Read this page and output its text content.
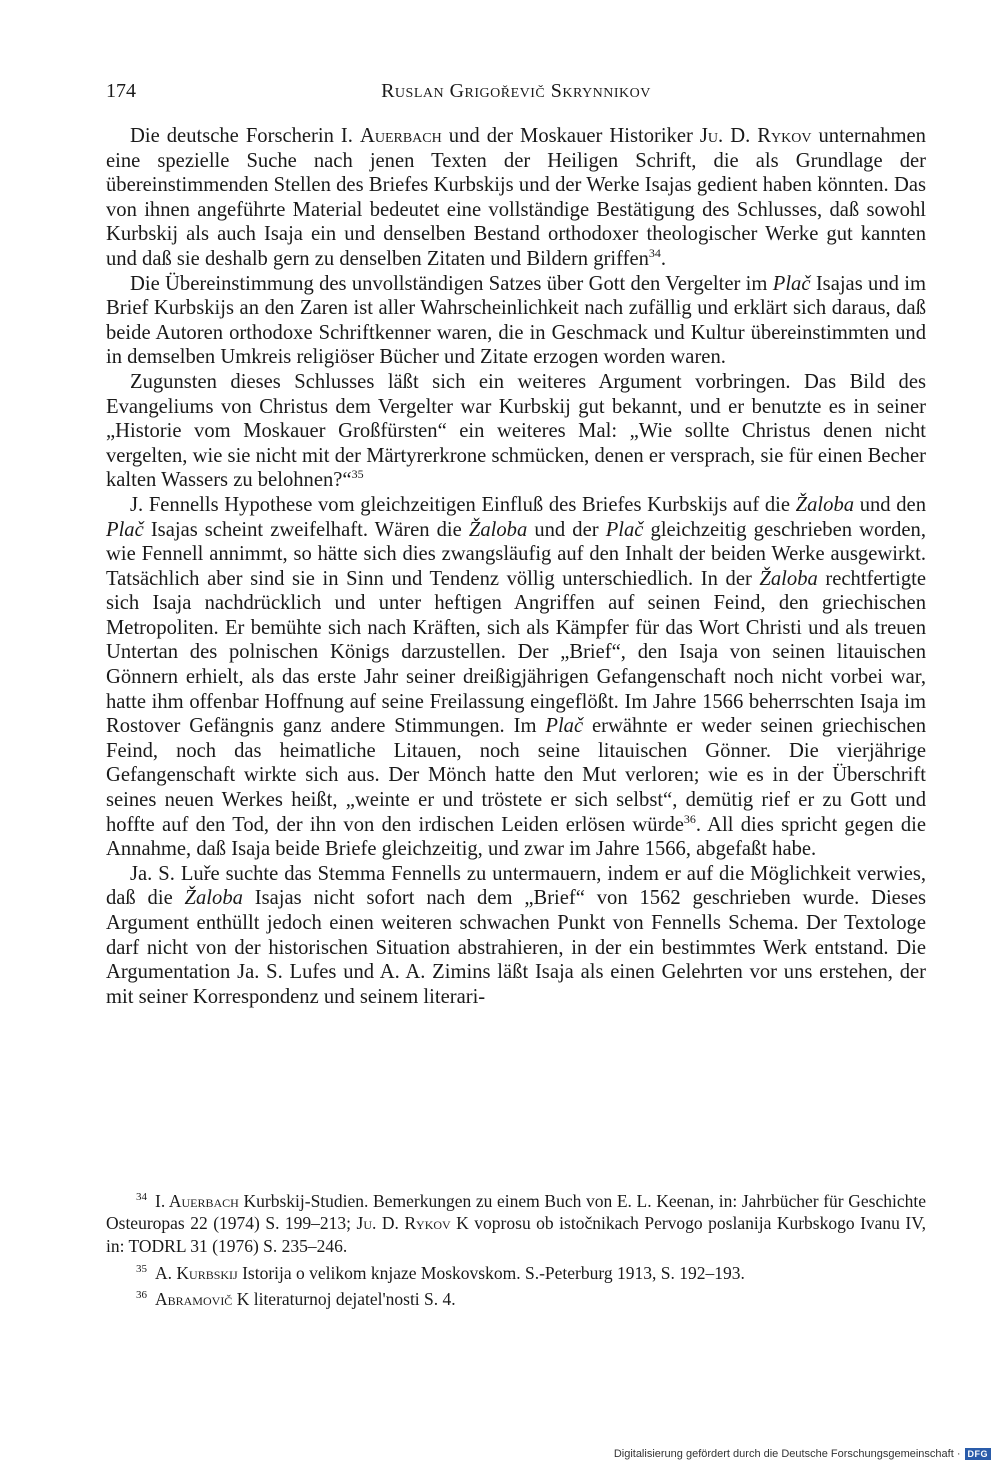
174	Ruslan Grigořevič Skrynnikov

Die deutsche Forscherin I. Auerbach und der Moskauer Historiker Ju. D. Rykov unternahmen eine spezielle Suche nach jenen Texten der Heiligen Schrift, die als Grundlage der übereinstimmenden Stellen des Briefes Kurbskijs und der Werke Isajas gedient haben könnten. Das von ihnen angeführte Material bedeutet eine vollständige Bestätigung des Schlusses, daß sowohl Kurbskij als auch Isaja ein und denselben Bestand orthodoxer theologischer Werke gut kannten und daß sie deshalb gern zu denselben Zitaten und Bildern griffen$^{34}$.

Die Übereinstimmung des unvollständigen Satzes über Gott den Vergelter im Plač Isajas und im Brief Kurbskijs an den Zaren ist aller Wahrscheinlichkeit nach zufällig und erklärt sich daraus, daß beide Autoren orthodoxe Schriftkenner waren, die in Geschmack und Kultur übereinstimmten und in demselben Umkreis religiöser Bücher und Zitate erzogen worden waren.

Zugunsten dieses Schlusses läßt sich ein weiteres Argument vorbringen. Das Bild des Evangeliums von Christus dem Vergelter war Kurbskij gut bekannt, und er benutzte es in seiner „Historie vom Moskauer Großfürsten“ ein weiteres Mal: „Wie sollte Christus denen nicht vergelten, wie sie nicht mit der Märtyrerkrone schmücken, denen er versprach, sie für einen Becher kalten Wassers zu belohnen?“$^{35}$

J. Fennells Hypothese vom gleichzeitigen Einfluß des Briefes Kurbskijs auf die Žaloba und den Plač Isajas scheint zweifelhaft. Wären die Žaloba und der Plač gleichzeitig geschrieben worden, wie Fennell annimmt, so hätte sich dies zwangsläufig auf den Inhalt der beiden Werke ausgewirkt. Tatsächlich aber sind sie in Sinn und Tendenz völlig unterschiedlich. In der Žaloba rechtfertigte sich Isaja nachdrücklich und unter heftigen Angriffen auf seinen Feind, den griechischen Metropoliten. Er bemühte sich nach Kräften, sich als Kämpfer für das Wort Christi und als treuen Untertan des polnischen Königs darzustellen. Der „Brief“, den Isaja von seinen litauischen Gönnern erhielt, als das erste Jahr seiner dreißigjährigen Gefangenschaft noch nicht vorbei war, hatte ihm offenbar Hoffnung auf seine Freilassung eingeflößt. Im Jahre 1566 beherrschten Isaja im Rostover Gefängnis ganz andere Stimmungen. Im Plač erwähnte er weder seinen griechischen Feind, noch das heimatliche Litauen, noch seine litauischen Gönner. Die vierjährige Gefangenschaft wirkte sich aus. Der Mönch hatte den Mut verloren; wie es in der Überschrift seines neuen Werkes heißt, „weinte er und tröstete er sich selbst“, demütig rief er zu Gott und hoffte auf den Tod, der ihn von den irdischen Leiden erlösen würde$^{36}$. All dies spricht gegen die Annahme, daß Isaja beide Briefe gleichzeitig, und zwar im Jahre 1566, abgefaßt habe.

Ja. S. Luře suchte das Stemma Fennells zu untermauern, indem er auf die Möglichkeit verwies, daß die Žaloba Isajas nicht sofort nach dem „Brief“ von 1562 geschrieben wurde. Dieses Argument enthüllt jedoch einen weiteren schwachen Punkt von Fennells Schema. Der Textologe darf nicht von der historischen Situation abstrahieren, in der ein bestimmtes Werk entstand. Die Argumentation Ja. S. Lufes und A. A. Zimins läßt Isaja als einen Gelehrten vor uns erstehen, der mit seiner Korrespondenz und seinem literari-

$^{34}$ I. Auerbach Kurbskij-Studien. Bemerkungen zu einem Buch von E. L. Keenan, in: Jahrbücher für Geschichte Osteuropas 22 (1974) S. 199–213; Ju. D. Rykov K voprosu ob istočnikach Pervogo poslanija Kurbskogo Ivanu IV, in: TODRL 31 (1976) S. 235–246.

$^{35}$ A. Kurbskij Istorija o velikom knjaze Moskovskom. S.-Peterburg 1913, S. 192–193.

$^{36}$ Abramovič K literaturnoj dejatel'nosti S. 4.

Digitalisierung gefördert durch die Deutsche Forschungsgemeinschaft · DFG
